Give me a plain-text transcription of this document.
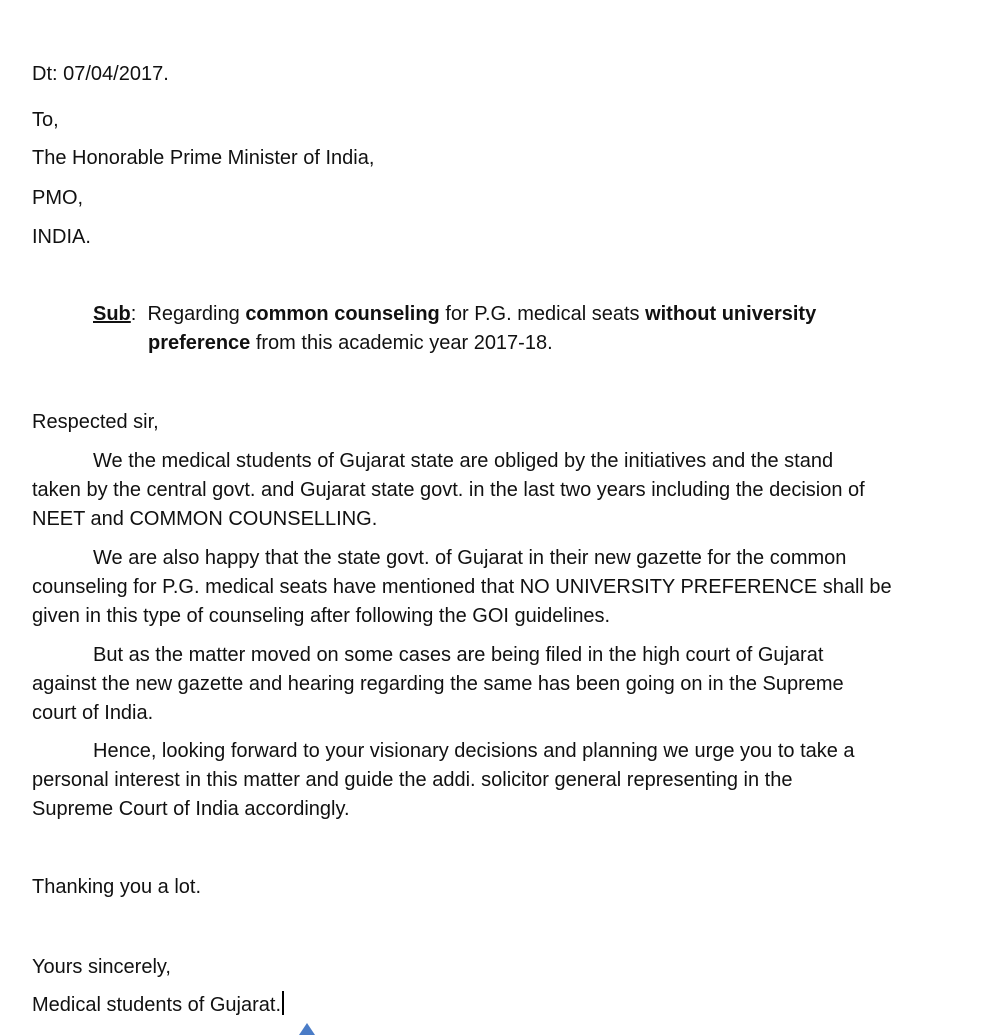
Dt: 07/04/2017.
To,
The Honorable Prime Minister of India,
PMO,
INDIA.
Sub:  Regarding common counseling for P.G. medical seats without university
preference from this academic year 2017-18.
Respected sir,
We the medical students of Gujarat state are obliged by the initiatives and the stand
taken by the central govt. and Gujarat state govt. in the last two years including the decision of
NEET and COMMON COUNSELLING.
We are also happy that the state govt. of Gujarat in their new gazette for the common
counseling for P.G. medical seats have mentioned that NO UNIVERSITY PREFERENCE shall be
given in this type of counseling after following the GOI guidelines.
But as the matter moved on some cases are being filed in the high court of Gujarat
against the new gazette and hearing regarding the same has been going on in the Supreme
court of India.
Hence, looking forward to your visionary decisions and planning we urge you to take a
personal interest in this matter and guide the addi. solicitor general representing in the
Supreme Court of India accordingly.
Thanking you a lot.
Yours sincerely,
Medical students of Gujarat.
